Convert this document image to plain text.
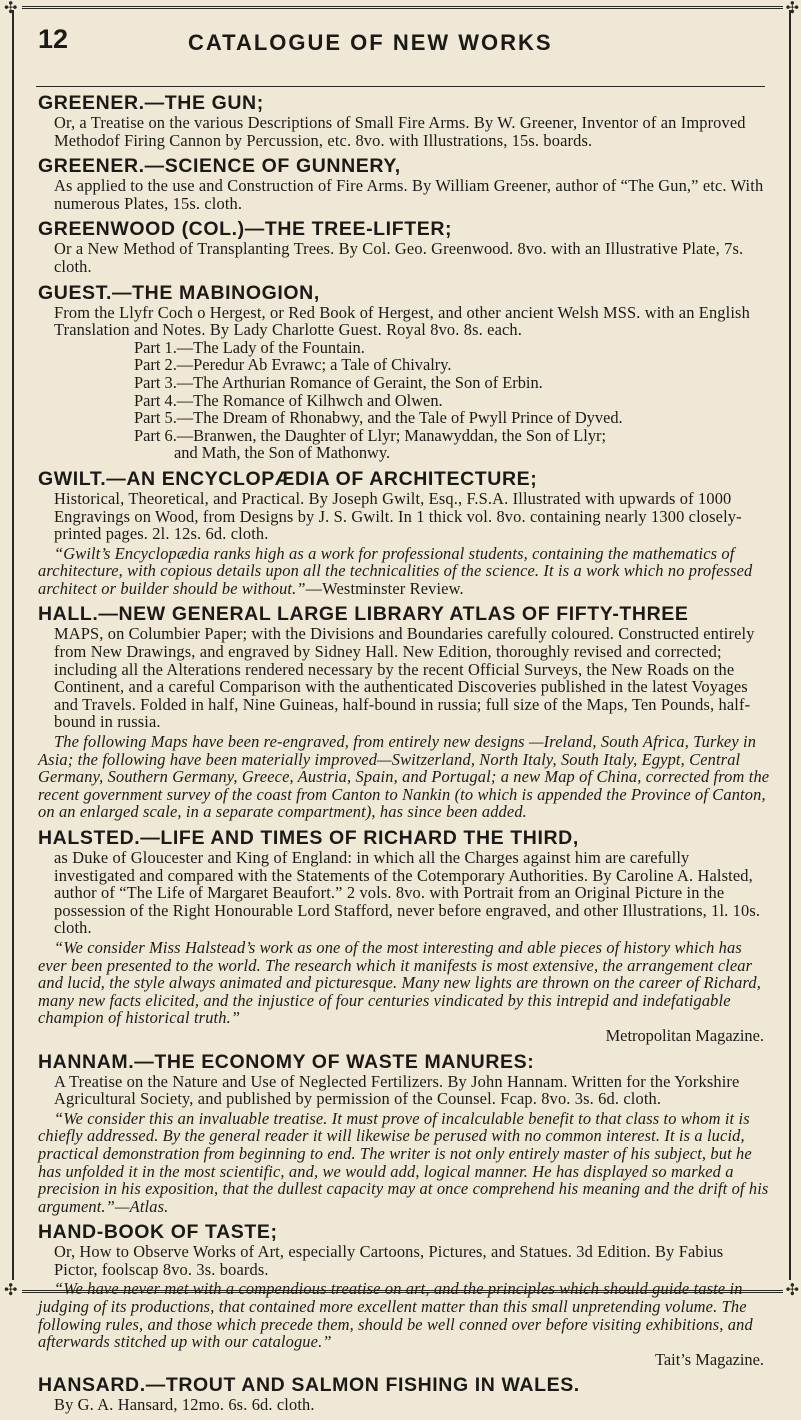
✣	✣
12	CATALOGUE OF NEW WORKS
GREENER.—THE GUN;
Or, a Treatise on the various Descriptions of Small Fire Arms. By W. Greener, Inventor of an Improved Methodof Firing Cannon by Percussion, etc. 8vo. with Illustrations, 15s. boards.
GREENER.—SCIENCE OF GUNNERY,
As applied to the use and Construction of Fire Arms. By William Greener, author of “The Gun,” etc. With numerous Plates, 15s. cloth.
GREENWOOD (COL.)—THE TREE-LIFTER;
Or a New Method of Transplanting Trees. By Col. Geo. Greenwood. 8vo. with an Illustrative Plate, 7s. cloth.
GUEST.—THE MABINOGION,
From the Llyfr Coch o Hergest, or Red Book of Hergest, and other ancient Welsh MSS. with an English Translation and Notes. By Lady Charlotte Guest. Royal 8vo. 8s. each.
Part 1.—The Lady of the Fountain.
Part 2.—Peredur Ab Evrawc; a Tale of Chivalry.
Part 3.—The Arthurian Romance of Geraint, the Son of Erbin.
Part 4.—The Romance of Kilhwch and Olwen.
Part 5.—The Dream of Rhonabwy, and the Tale of Pwyll Prince of Dyved.
Part 6.—Branwen, the Daughter of Llyr; Manawyddan, the Son of Llyr;
and Math, the Son of Mathonwy.
GWILT.—AN ENCYCLOPÆDIA OF ARCHITECTURE;
Historical, Theoretical, and Practical. By Joseph Gwilt, Esq., F.S.A. Illustrated with upwards of 1000 Engravings on Wood, from Designs by J. S. Gwilt. In 1 thick vol. 8vo. containing nearly 1300 closely-printed pages. 2l. 12s. 6d. cloth.
“Gwilt’s Encyclopædia ranks high as a work for professional students, containing the mathematics of architecture, with copious details upon all the technicalities of the science. It is a work which no professed architect or builder should be without.”—Westminster Review.
HALL.—NEW GENERAL LARGE LIBRARY ATLAS OF FIFTY-THREE
MAPS, on Columbier Paper; with the Divisions and Boundaries carefully coloured. Constructed entirely from New Drawings, and engraved by Sidney Hall. New Edition, thoroughly revised and corrected; including all the Alterations rendered necessary by the recent Official Surveys, the New Roads on the Continent, and a careful Comparison with the authenticated Discoveries published in the latest Voyages and Travels. Folded in half, Nine Guineas, half-bound in russia; full size of the Maps, Ten Pounds, half-bound in russia.
The following Maps have been re-engraved, from entirely new designs —Ireland, South Africa, Turkey in Asia; the following have been materially improved—Switzerland, North Italy, South Italy, Egypt, Central Germany, Southern Germany, Greece, Austria, Spain, and Portugal; a new Map of China, corrected from the recent government survey of the coast from Canton to Nankin (to which is appended the Province of Canton, on an enlarged scale, in a separate compartment), has since been added.
HALSTED.—LIFE AND TIMES OF RICHARD THE THIRD,
as Duke of Gloucester and King of England: in which all the Charges against him are carefully investigated and compared with the Statements of the Cotemporary Authorities. By Caroline A. Halsted, author of “The Life of Margaret Beaufort.” 2 vols. 8vo. with Portrait from an Original Picture in the possession of the Right Honourable Lord Stafford, never before engraved, and other Illustrations, 1l. 10s. cloth.
“We consider Miss Halstead’s work as one of the most interesting and able pieces of history which has ever been presented to the world. The research which it manifests is most extensive, the arrangement clear and lucid, the style always animated and picturesque. Many new lights are thrown on the career of Richard, many new facts elicited, and the injustice of four centuries vindicated by this intrepid and indefatigable champion of historical truth.”
Metropolitan Magazine.
HANNAM.—THE ECONOMY OF WASTE MANURES:
A Treatise on the Nature and Use of Neglected Fertilizers. By John Hannam. Written for the Yorkshire Agricultural Society, and published by permission of the Counsel. Fcap. 8vo. 3s. 6d. cloth.
“We consider this an invaluable treatise. It must prove of incalculable benefit to that class to whom it is chiefly addressed. By the general reader it will likewise be perused with no common interest. It is a lucid, practical demonstration from beginning to end. The writer is not only entirely master of his subject, but he has unfolded it in the most scientific, and, we would add, logical manner. He has displayed so marked a precision in his exposition, that the dullest capacity may at once comprehend his meaning and the drift of his argument.”—Atlas.
HAND-BOOK OF TASTE;
Or, How to Observe Works of Art, especially Cartoons, Pictures, and Statues. 3d Edition. By Fabius Pictor, foolscap 8vo. 3s. boards.
“We have never met with a compendious treatise on art, and the principles which should guide taste in judging of its productions, that contained more excellent matter than this small unpretending volume. The following rules, and those which precede them, should be well conned over before visiting exhibitions, and afterwards stitched up with our catalogue.”
Tait’s Magazine.
HANSARD.—TROUT AND SALMON FISHING IN WALES.
By G. A. Hansard, 12mo. 6s. 6d. cloth.
✣	✣
